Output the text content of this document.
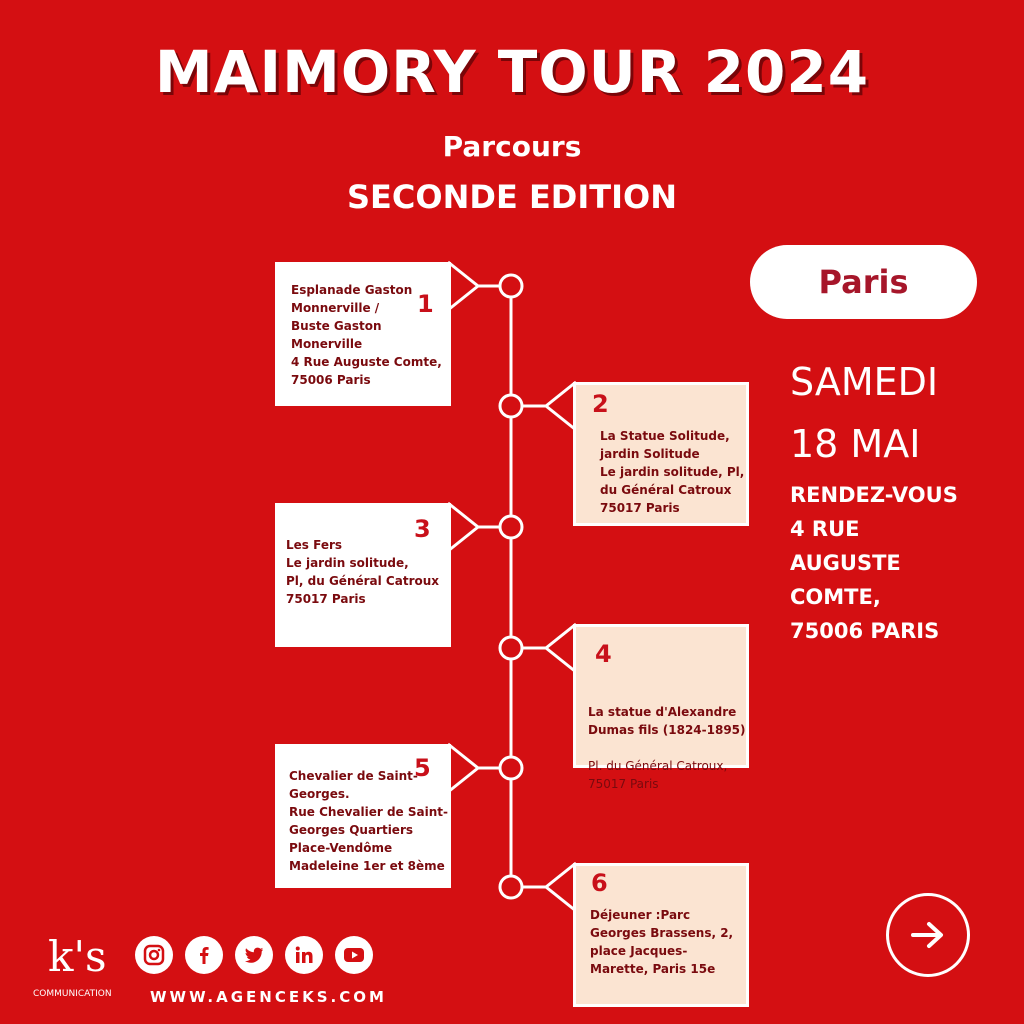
MAIMORY TOUR 2024
Parcours
SECONDE EDITION
1
Esplanade Gaston
Monnerville /
Buste Gaston
Monerville
4 Rue Auguste Comte,
75006 Paris
2
La Statue Solitude,
jardin Solitude
Le jardin solitude, Pl,
du Général Catroux
75017 Paris
3
Les Fers
Le jardin solitude,
Pl, du Général Catroux
75017 Paris
4

La statue d'Alexandre
Dumas fils (1824-1895)

Pl. du Général Catroux,
75017 Paris

5
Chevalier de Saint-
Georges.
Rue Chevalier de Saint-
Georges Quartiers
Place-Vendôme
Madeleine 1er et 8ème
6
Déjeuner :Parc
Georges Brassens, 2,
place Jacques-
Marette, Paris 15e
Paris
SAMEDI
18 MAI
RENDEZ-VOUS
4 RUE
AUGUSTE
COMTE,
75006 PARIS
k's
COMMUNICATION	WWW.AGENCEKS.COM
